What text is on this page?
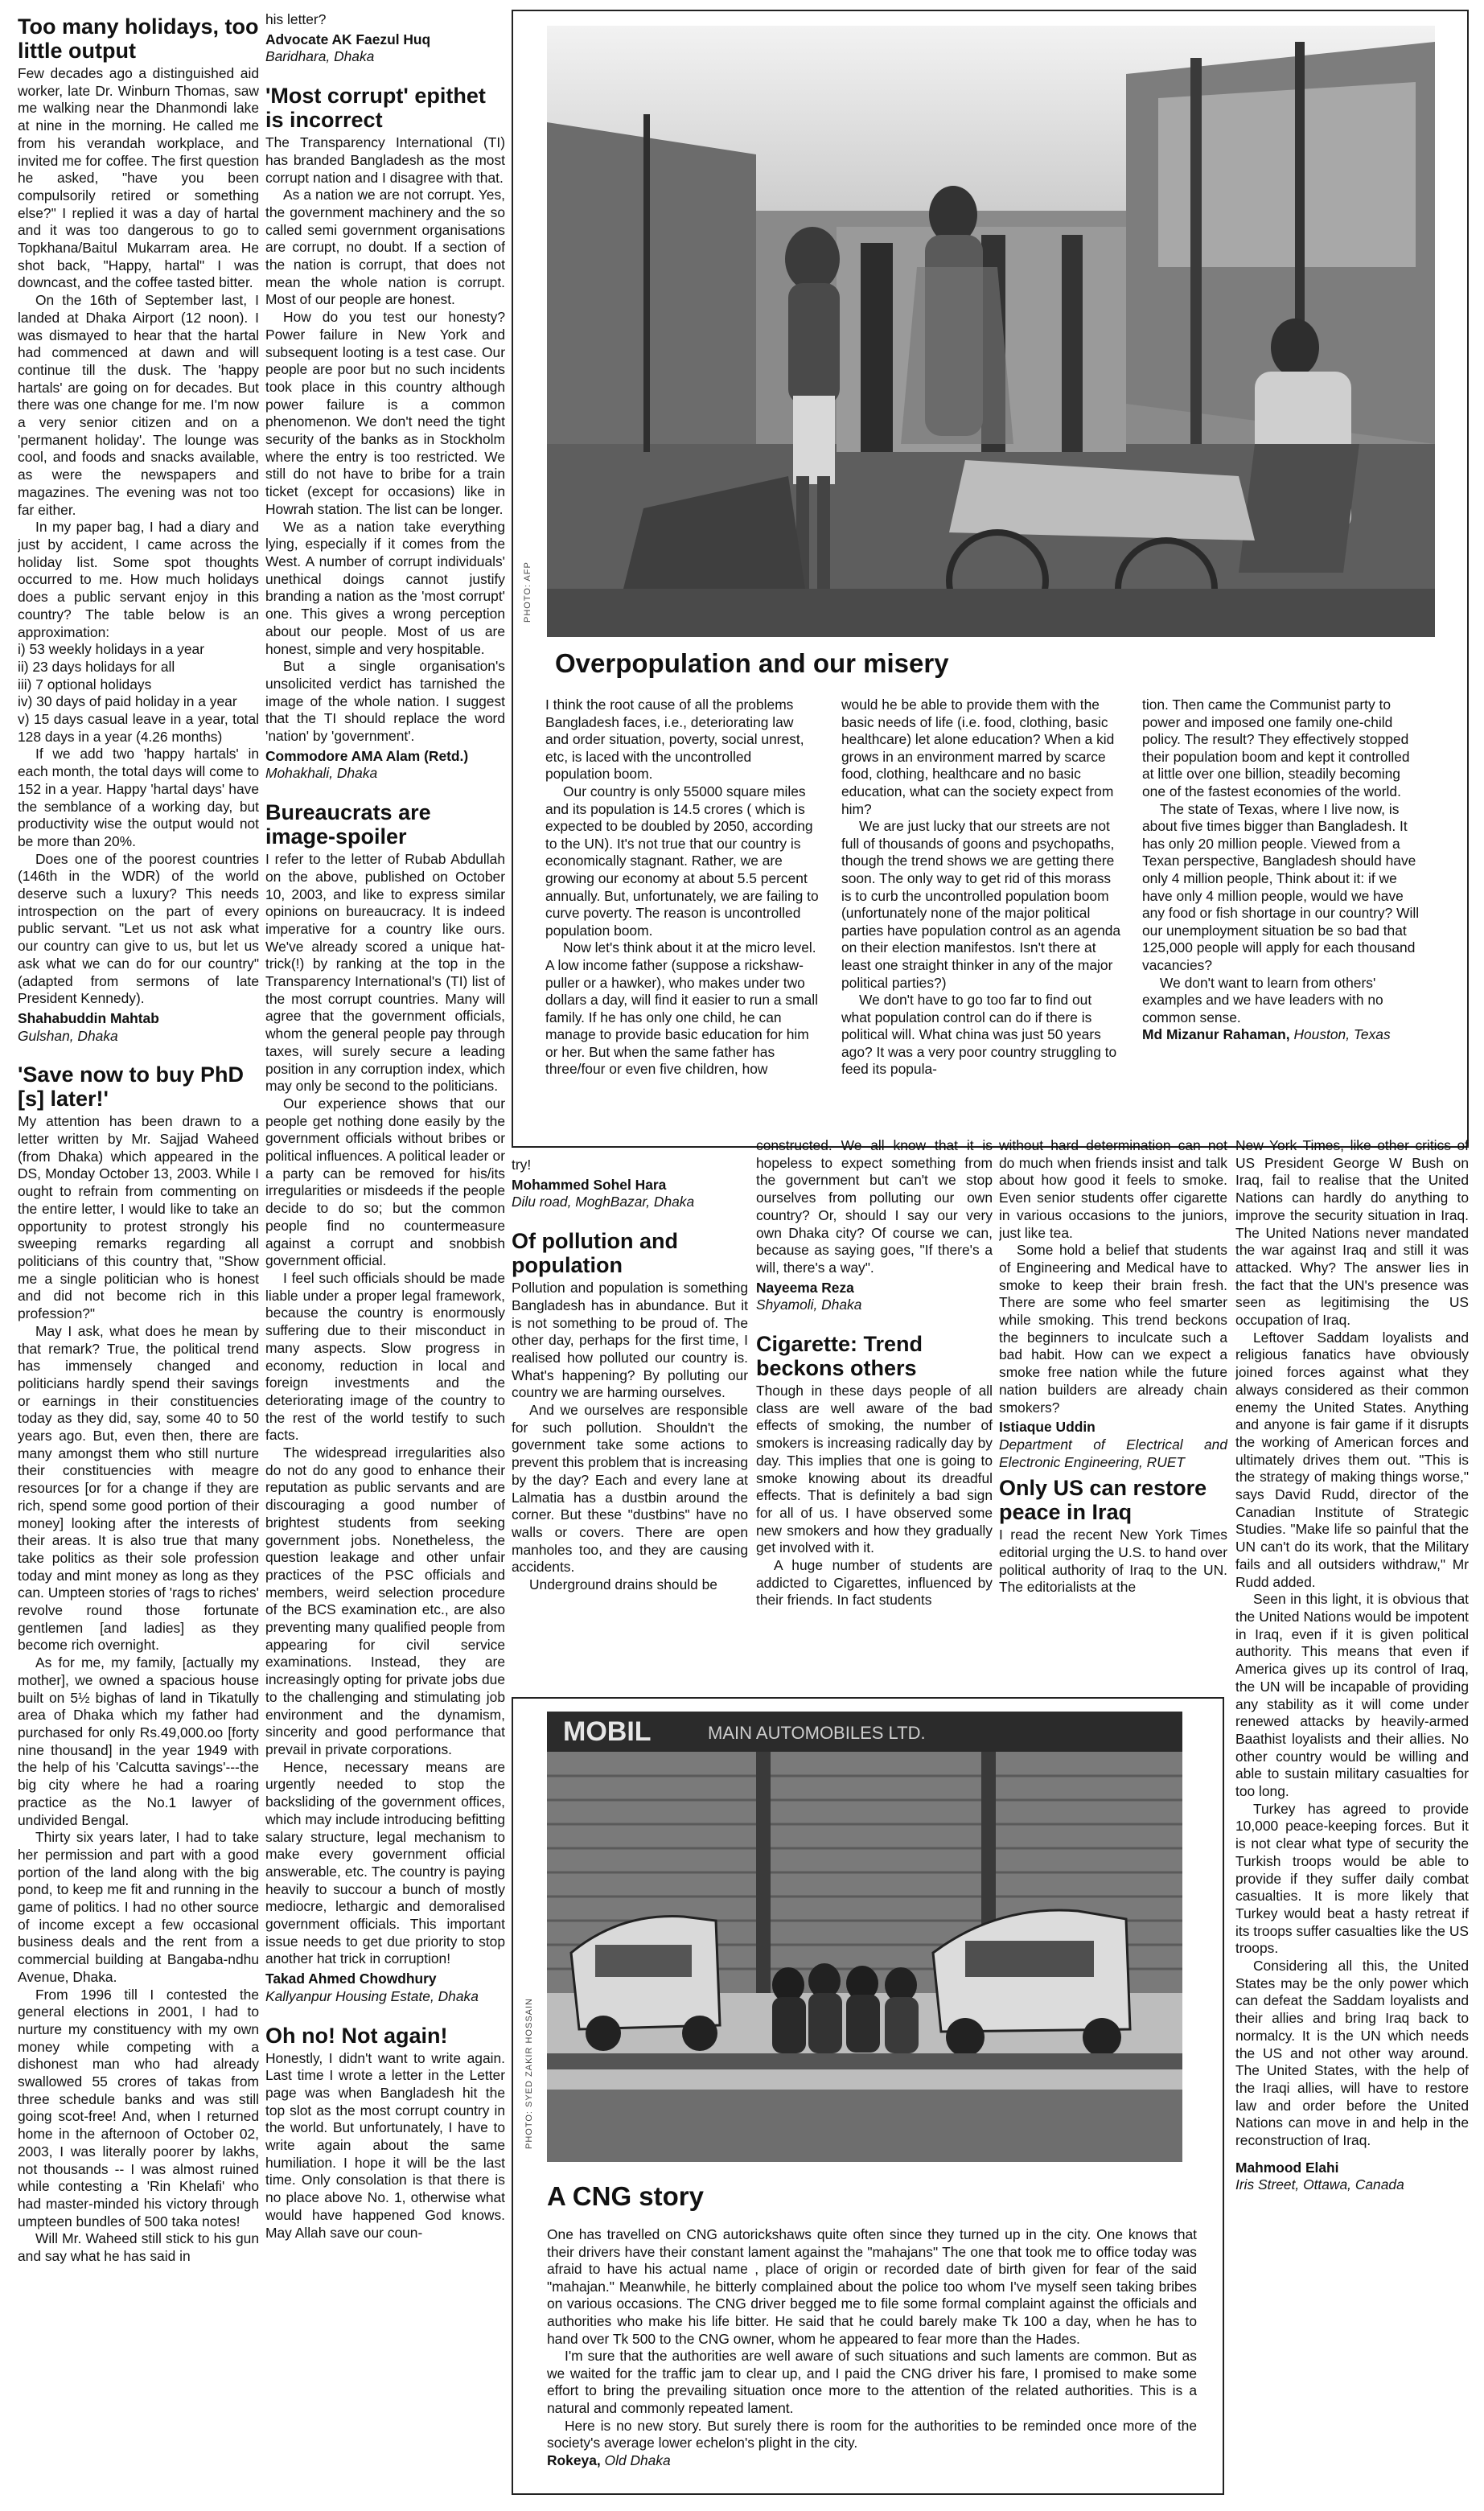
Too many holidays, too little output

Few decades ago a distinguished aid worker, late Dr. Winburn Thomas, saw me walking near the Dhanmondi lake at nine in the morning. He called me from his verandah workplace, and invited me for coffee. The first question he asked, "have you been compulsorily retired or something else?" I replied it was a day of hartal and it was too dangerous to go to Topkhana/Baitul Mukarram area. He shot back, "Happy, hartal" I was downcast, and the coffee tasted bitter.

On the 16th of September last, I landed at Dhaka Airport (12 noon). I was dismayed to hear that the hartal had commenced at dawn and will continue till the dusk. The 'happy hartals' are going on for decades. But there was one change for me. I'm now a very senior citizen and on a 'permanent holiday'. The lounge was cool, and foods and snacks available, as were the newspapers and magazines. The evening was not too far either.

In my paper bag, I had a diary and just by accident, I came across the holiday list. Some spot thoughts occurred to me. How much holidays does a public servant enjoy in this country? The table below is an approximation:

i) 53 weekly holidays in a year

ii) 23 days holidays for all

iii) 7 optional holidays

iv) 30 days of paid holiday in a year

v) 15 days casual leave in a year, total 128 days in a year (4.26 months)

If we add two 'happy hartals' in each month, the total days will come to 152 in a year. Happy 'hartal days' have the semblance of a working day, but productivity wise the output would not be more than 20%.

Does one of the poorest countries (146th in the WDR) of the world deserve such a luxury? This needs introspection on the part of every public servant. "Let us not ask what our country can give to us, but let us ask what we can do for our country" (adapted from sermons of late President Kennedy).

Shahabuddin Mahtab

Gulshan, Dhaka

'Save now to buy PhD [s] later!'

My attention has been drawn to a letter written by Mr. Sajjad Waheed (from Dhaka) which appeared in the DS, Monday October 13, 2003. While I ought to refrain from commenting on the entire letter, I would like to take an opportunity to protest strongly his sweeping remarks regarding all politicians of this country that, "Show me a single politician who is honest and did not become rich in this profession?"

May I ask, what does he mean by that remark? True, the political trend has immensely changed and politicians hardly spend their savings or earnings in their constituencies today as they did, say, some 40 to 50 years ago. But, even then, there are many amongst them who still nurture their constituencies with meagre resources [or for a change if they are rich, spend some good portion of their money] looking after the interests of their areas. It is also true that many take politics as their sole profession today and mint money as long as they can. Umpteen stories of 'rags to riches' revolve round those fortunate gentlemen [and ladies] as they become rich overnight.

As for me, my family, [actually my mother], we owned a spacious house built on 5½ bighas of land in Tikatully area of Dhaka which my father had purchased for only Rs.49,000.oo [forty nine thousand] in the year 1949 with the help of his 'Calcutta savings'---the big city where he had a roaring practice as the No.1 lawyer of undivided Bengal.

Thirty six years later, I had to take her permission and part with a good portion of the land along with the big pond, to keep me fit and running in the game of politics. I had no other source of income except a few occasional business deals and the rent from a commercial building at Bangaba-ndhu Avenue, Dhaka.

From 1996 till I contested the general elections in 2001, I had to nurture my constituency with my own money while competing with a dishonest man who had already swallowed 55 crores of takas from three schedule banks and was still going scot-free! And, when I returned home in the afternoon of October 02, 2003, I was literally poorer by lakhs, not thousands -- I was almost ruined while contesting a 'Rin Khelafi' who had master-minded his victory through umpteen bundles of 500 taka notes!

Will Mr. Waheed still stick to his gun and say what he has said in

his letter?

Advocate AK Faezul Huq

Baridhara, Dhaka

'Most corrupt' epithet is incorrect

The Transparency International (TI) has branded Bangladesh as the most corrupt nation and I disagree with that.

As a nation we are not corrupt. Yes, the government machinery and the so called semi government organisations are corrupt, no doubt. If a section of the nation is corrupt, that does not mean the whole nation is corrupt. Most of our people are honest.

How do you test our honesty? Power failure in New York and subsequent looting is a test case. Our people are poor but no such incidents took place in this country although power failure is a common phenomenon. We don't need the tight security of the banks as in Stockholm where the entry is too restricted. We still do not have to bribe for a train ticket (except for occasions) like in Howrah station. The list can be longer.

We as a nation take everything lying, especially if it comes from the West. A number of corrupt individuals' unethical doings cannot justify branding a nation as the 'most corrupt' one. This gives a wrong perception about our people. Most of us are honest, simple and very hospitable.

But a single organisation's unsolicited verdict has tarnished the image of the whole nation. I suggest that the TI should replace the word 'nation' by 'government'.

Commodore AMA Alam (Retd.)

Mohakhali, Dhaka

Bureaucrats are image-spoiler

I refer to the letter of Rubab Abdullah on the above, published on October 10, 2003, and like to express similar opinions on bureaucracy. It is indeed imperative for a country like ours. We've already scored a unique hat-trick(!) by ranking at the top in the Transparency International's (TI) list of the most corrupt countries. Many will agree that the government officials, whom the general people pay through taxes, will surely secure a leading position in any corruption index, which may only be second to the politicians.

Our experience shows that our people get nothing done easily by the government officials without bribes or political influences. A political leader or a party can be removed for his/its irregularities or misdeeds if the people decide to do so; but the common people find no countermeasure against a corrupt and snobbish government official.

I feel such officials should be made liable under a proper legal framework, because the country is enormously suffering due to their misconduct in many aspects. Slow progress in economy, reduction in local and foreign investments and the deteriorating image of the country to the rest of the world testify to such facts.

The widespread irregularities also do not do any good to enhance their reputation as public servants and are discouraging a good number of brightest students from seeking government jobs. Nonetheless, the question leakage and other unfair practices of the PSC officials and members, weird selection procedure of the BCS examination etc., are also preventing many qualified people from appearing for civil service examinations. Instead, they are increasingly opting for private jobs due to the challenging and stimulating job environment and the dynamism, sincerity and good performance that prevail in private corporations.

Hence, necessary means are urgently needed to stop the backsliding of the government offices, which may include introducing befitting salary structure, legal mechanism to make every government official answerable, etc. The country is paying heavily to succour a bunch of mostly mediocre, lethargic and demoralised government officials. This important issue needs to get due priority to stop another hat trick in corruption!

Takad Ahmed Chowdhury

Kallyanpur Housing Estate, Dhaka

Oh no! Not again!

Honestly, I didn't want to write again. Last time I wrote a letter in the Letter page was when Bangladesh hit the top slot as the most corrupt country in the world. But unfortunately, I have to write again about the same humiliation. I hope it will be the last time. Only consolation is that there is no place above No. 1, otherwise what would have happened God knows. May Allah save our coun-

PHOTO: AFP
Overpopulation and our misery

I think the root cause of all the problems Bangladesh faces, i.e., deteriorating law and order situation, poverty, social unrest, etc, is laced with the uncontrolled population boom.

Our country is only 55000 square miles and its population is 14.5 crores ( which is expected to be doubled by 2050, according to the UN). It's not true that our country is economically stagnant. Rather, we are growing our economy at about 5.5 percent annually. But, unfortunately, we are failing to curve poverty. The reason is uncontrolled population boom.

Now let's think about it at the micro level. A low income father (suppose a rickshaw-puller or a hawker), who makes under two dollars a day, will find it easier to run a small family. If he has only one child, he can manage to provide basic education for him or her. But when the same father has three/four or even five children, how

would he be able to provide them with the basic needs of life (i.e. food, clothing, basic healthcare) let alone education? When a kid grows in an environment marred by scarce food, clothing, healthcare and no basic education, what can the society expect from him?

We are just lucky that our streets are not full of thousands of goons and psychopaths, though the trend shows we are getting there soon. The only way to get rid of this morass is to curb the uncontrolled population boom (unfortunately none of the major political parties have population control as an agenda on their election manifestos. Isn't there at least one straight thinker in any of the major political parties?)

We don't have to go too far to find out what population control can do if there is political will. What china was just 50 years ago? It was a very poor country struggling to feed its popula-

tion. Then came the Communist party to power and imposed one family one-child policy. The result? They effectively stopped their population boom and kept it controlled at little over one billion, steadily becoming one of the fastest economies of the world.

The state of Texas, where I live now, is about five times bigger than Bangladesh. It has only 20 million people. Viewed from a Texan perspective, Bangladesh should have only 4 million people, Think about it: if we have only 4 million people, would we have any food or fish shortage in our country? Will our unemployment situation be so bad that 125,000 people will apply for each thousand vacancies?

We don't want to learn from others' examples and we have leaders with no common sense.

Md Mizanur Rahaman, Houston, Texas

try!

Mohammed Sohel Hara

Dilu road, MoghBazar, Dhaka

Of pollution and population

Pollution and population is something Bangladesh has in abundance. But it is not something to be proud of. The other day, perhaps for the first time, I realised how polluted our country is. What's happening? By polluting our country we are harming ourselves.

And we ourselves are responsible for such pollution. Shouldn't the government take some actions to prevent this problem that is increasing by the day? Each and every lane at Lalmatia has a dustbin around the corner. But these "dustbins" have no walls or covers. There are open manholes too, and they are causing accidents.

Underground drains should be

constructed. We all know that it is hopeless to expect something from the government but can't we stop ourselves from polluting our own country? Or, should I say our very own Dhaka city? Of course we can, because as saying goes, "If there's a will, there's a way".

Nayeema Reza

Shyamoli, Dhaka

Cigarette: Trend beckons others

Though in these days people of all class are well aware of the bad effects of smoking, the number of smokers is increasing radically day by day. This implies that one is going to smoke knowing about its dreadful effects. That is definitely a bad sign for all of us. I have observed some new smokers and how they gradually get involved with it.

A huge number of students are addicted to Cigarettes, influenced by their friends. In fact students

without hard determination can not do much when friends insist and talk about how good it feels to smoke. Even senior students offer cigarette in various occasions to the juniors, just like tea.

Some hold a belief that students of Engineering and Medical have to smoke to keep their brain fresh. There are some who feel smarter while smoking. This trend beckons the beginners to inculcate such a bad habit. How can we expect a smoke free nation while the future nation builders are already chain smokers?

Istiaque Uddin

Department of Electrical and Electronic Engineering, RUET

Only US can restore peace in Iraq

I read the recent New York Times editorial urging the U.S. to hand over political authority of Iraq to the UN. The editorialists at the

New York Times, like other critics of US President George W Bush on Iraq, fail to realise that the United Nations can hardly do anything to improve the security situation in Iraq. The United Nations never mandated the war against Iraq and still it was attacked. Why? The answer lies in the fact that the UN's presence was seen as legitimising the US occupation of Iraq.

Leftover Saddam loyalists and religious fanatics have obviously joined forces against what they always considered as their common enemy the United States. Anything and anyone is fair game if it disrupts the working of American forces and ultimately drives them out. "This is the strategy of making things worse," says David Rudd, director of the Canadian Institute of Strategic Studies. "Make life so painful that the UN can't do its work, that the Military fails and all outsiders withdraw," Mr Rudd added.

Seen in this light, it is obvious that the United Nations would be impotent in Iraq, even if it is given political authority. This means that even if America gives up its control of Iraq, the UN will be incapable of providing any stability as it will come under renewed attacks by heavily-armed Baathist loyalists and their allies. No other country would be willing and able to sustain military casualties for too long.

Turkey has agreed to provide 10,000 peace-keeping forces. But it is not clear what type of security the Turkish troops would be able to provide if they suffer daily combat casualties. It is more likely that Turkey would beat a hasty retreat if its troops suffer casualties like the US troops.

Considering all this, the United States may be the only power which can defeat the Saddam loyalists and their allies and bring Iraq back to normalcy. It is the UN which needs the US and not other way around. The United States, with the help of the Iraqi allies, will have to restore law and order before the United Nations can move in and help in the reconstruction of Iraq.

Mahmood Elahi

Iris Street, Ottawa, Canada

MOBIL	MAIN AUTOMOBILES LTD.
PHOTO: SYED ZAKIR HOSSAIN
A CNG story

One has travelled on CNG autorickshaws quite often since they turned up in the city. One knows that their drivers have their constant lament against the "mahajans" The one that took me to office today was afraid to have his actual name , place of origin or recorded date of birth given for fear of the said "mahajan." Meanwhile, he bitterly complained about the police too whom I've myself seen taking bribes on various occasions. The CNG driver begged me to file some formal complaint against the officials and authorities who make his life bitter. He said that he could barely make Tk 100 a day, when he has to hand over Tk 500 to the CNG owner, whom he appeared to fear more than the Hades.

I'm sure that the authorities are well aware of such situations and such laments are common. But as we waited for the traffic jam to clear up, and I paid the CNG driver his fare, I promised to make some effort to bring the prevailing situation once more to the attention of the related authorities. This is a natural and commonly repeated lament.

Here is no new story. But surely there is room for the authorities to be reminded once more of the society's average lower echelon's plight in the city.

Rokeya, Old Dhaka
